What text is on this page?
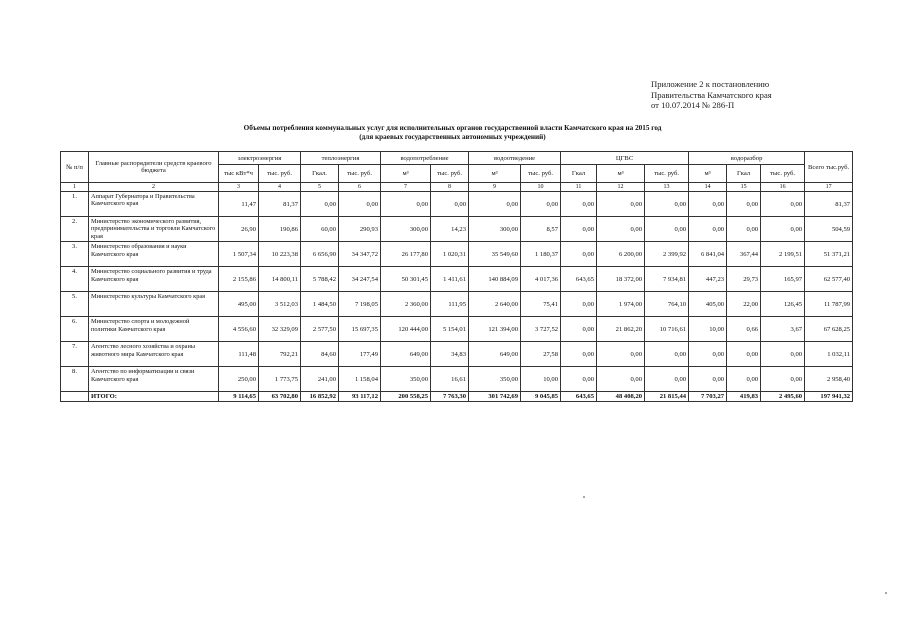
Приложение 2 к постановлению
Правительства Камчатского края
от 10.07.2014 № 286-П
Объемы потребления коммунальных услуг для исполнительных органов государственной власти Камчатского края на 2015 год
(для краевых государственных автономных учреждений)
№ п/п	Главные распорядители средств краевого бюджета	электроэнергия		теплоэнергия		водопотребление		водоотведение		ЦГВС			водоразбор			Всего тыс.руб.
		тыс кВт*ч	тыс. руб.	Гкал.	тыс. руб.	м³	тыс. руб.	м³	тыс. руб.	Гкал	м³	тыс. руб.	м³	Гкал	тыс. руб.	
1	2	3	4	5	6	7	8	9	10	11	12	13	14	15	16	17
1.	Аппарат Губернатора и Правительства Камчатского края	11,47	81,37	0,00	0,00	0,00	0,00	0,00	0,00	0,00	0,00	0,00	0,00	0,00	0,00	81,37
2.	Министерство экономического развития, предпринимательства и торговли Камчатского края	26,90	190,86	60,00	290,93	300,00	14,23	300,00	8,57	0,00	0,00	0,00	0,00	0,00	0,00	504,59
3.	Министерство образования и науки Камчатского края	1 507,34	10 223,38	6 656,90	34 347,72	26 177,80	1 020,31	35 549,60	1 180,37	0,00	6 200,00	2 399,92	6 841,04	367,44	2 199,51	51 371,21
4.	Министерство социального развития и труда Камчатского края	2 155,86	14 800,11	5 788,42	34 247,54	50 301,45	1 411,61	140 884,09	4 017,36	643,65	18 372,00	7 934,81	447,23	29,73	165,97	62 577,40
5.	Министерство культуры Камчатского края	495,00	3 512,03	1 484,50	7 198,05	2 360,00	111,95	2 640,00	75,41	0,00	1 974,00	764,10	405,00	22,00	126,45	11 787,99
6.	Министерство спорта и молодежной политики Камчатского края	4 556,60	32 329,09	2 577,50	15 697,35	120 444,00	5 154,01	121 394,00	3 727,52	0,00	21 862,20	10 716,61	10,00	0,66	3,67	67 628,25
7.	Агентство лесного хозяйства и охраны животного мира Камчатского края	111,48	792,21	84,60	177,49	649,00	34,83	649,00	27,58	0,00	0,00	0,00	0,00	0,00	0,00	1 032,11
8.	Агентство по информатизации и связи Камчатского края	250,00	1 773,75	241,00	1 158,04	350,00	16,61	350,00	10,00	0,00	0,00	0,00	0,00	0,00	0,00	2 958,40
	ИТОГО:	9 114,65	63 702,80	16 852,92	93 117,12	200 558,25	7 763,30	301 742,69	9 045,85	643,65	48 408,20	21 815,44	7 703,27	419,83	2 495,60	197 941,32
